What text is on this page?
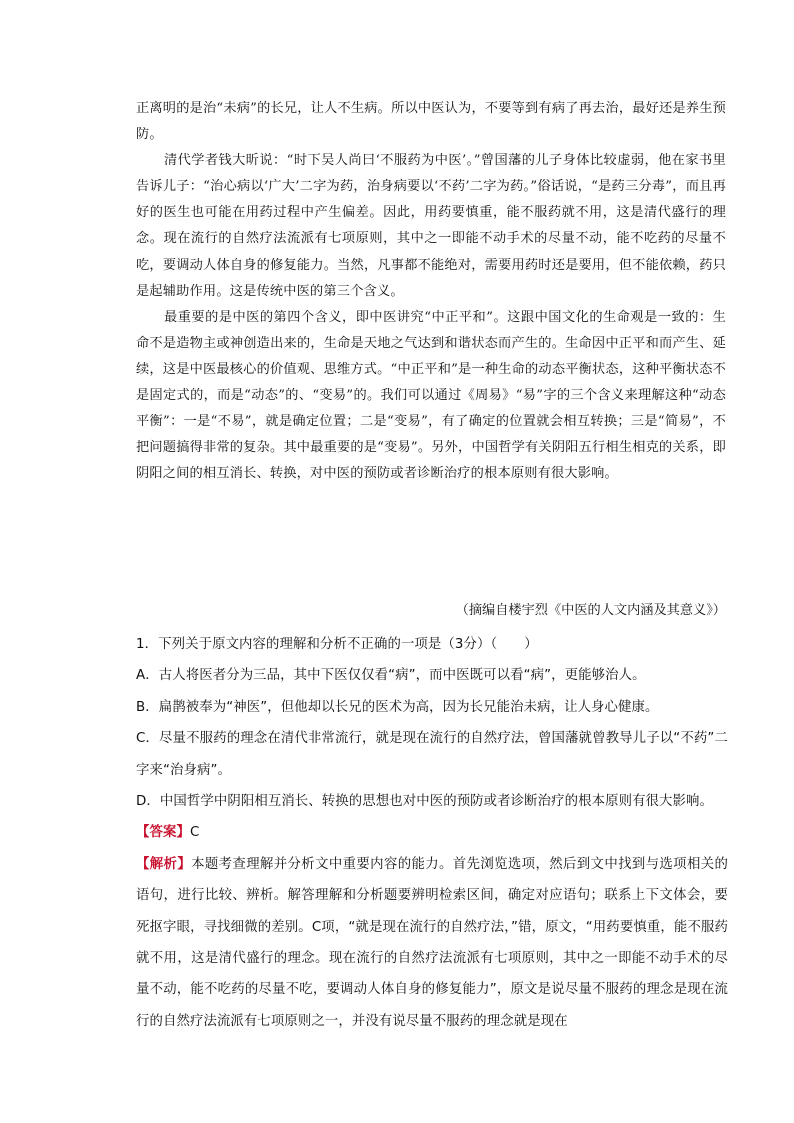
正离明的是治“未病”的长兄，让人不生病。所以中医认为，不要等到有病了再去治，最好还是养生预防。

清代学者钱大昕说：“时下吴人尚曰‘不服药为中医’。”曾国藩的儿子身体比较虚弱，他在家书里告诉儿子：“治心病以‘广大’二字为药，治身病要以‘不药’二字为药。”俗话说，“是药三分毒”，而且再好的医生也可能在用药过程中产生偏差。因此，用药要慎重，能不服药就不用，这是清代盛行的理念。现在流行的自然疗法流派有七项原则，其中之一即能不动手术的尽量不动，能不吃药的尽量不吃，要调动人体自身的修复能力。当然，凡事都不能绝对，需要用药时还是要用，但不能依赖，药只是起辅助作用。这是传统中医的第三个含义。

最重要的是中医的第四个含义，即中医讲究“中正平和”。这跟中国文化的生命观是一致的：生命不是造物主或神创造出来的，生命是天地之气达到和谐状态而产生的。生命因中正平和而产生、延续，这是中医最核心的价值观、思维方式。“中正平和”是一种生命的动态平衡状态，这种平衡状态不是固定式的，而是“动态”的、“变易”的。我们可以通过《周易》“易”字的三个含义来理解这种“动态平衡”：一是“不易”，就是确定位置；二是“变易”，有了确定的位置就会相互转换；三是“简易”，不把问题搞得非常的复杂。其中最重要的是“变易”。另外，中国哲学有关阴阳五行相生相克的关系，即阴阳之间的相互消长、转换，对中医的预防或者诊断治疗的根本原则有很大影响。

（摘编自楼宇烈《中医的人文内涵及其意义》）

1．下列关于原文内容的理解和分析不正确的一项是（3分）（　　）

A．古人将医者分为三品，其中下医仅仅看“病”，而中医既可以看“病”，更能够治人。

B．扁鹊被奉为“神医”，但他却以长兄的医术为高，因为长兄能治未病，让人身心健康。

C．尽量不服药的理念在清代非常流行，就是现在流行的自然疗法，曾国藩就曾教导儿子以“不药”二字来“治身病”。

D．中国哲学中阴阳相互消长、转换的思想也对中医的预防或者诊断治疗的根本原则有很大影响。

【答案】C

【解析】本题考查理解并分析文中重要内容的能力。首先浏览选项，然后到文中找到与选项相关的语句，进行比较、辨析。解答理解和分析题要辨明检索区间，确定对应语句；联系上下文体会，要死抠字眼，寻找细微的差别。C项，“就是现在流行的自然疗法，”错，原文，“用药要慎重，能不服药就不用，这是清代盛行的理念。现在流行的自然疗法流派有七项原则，其中之一即能不动手术的尽量不动，能不吃药的尽量不吃，要调动人体自身的修复能力”，原文是说尽量不服药的理念是现在流行的自然疗法流派有七项原则之一，并没有说尽量不服药的理念就是现在
